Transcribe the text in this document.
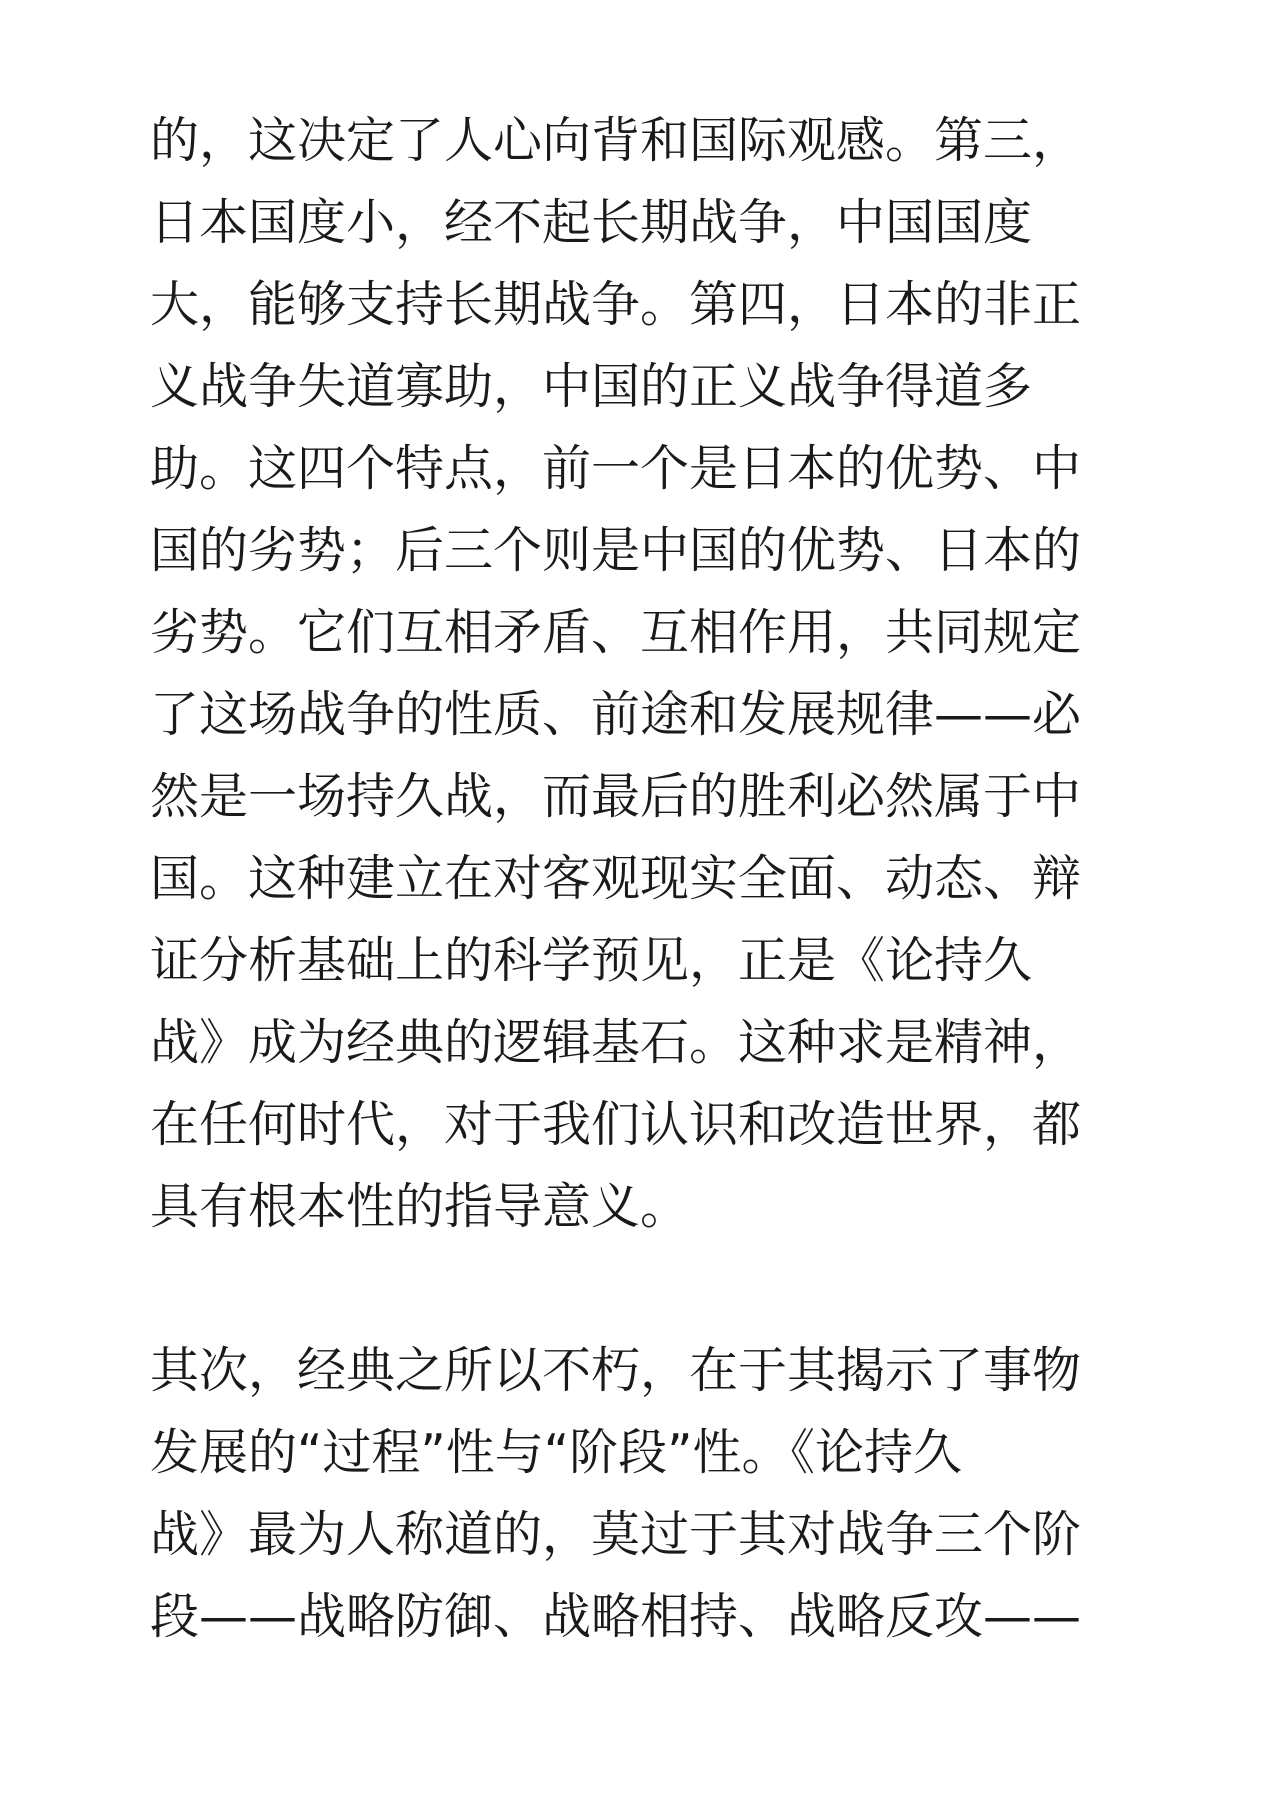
的，这决定了人心向背和国际观感。第三，
日本国度小，经不起长期战争，中国国度
大，能够支持长期战争。第四，日本的非正
义战争失道寡助，中国的正义战争得道多
助。这四个特点，前一个是日本的优势、中
国的劣势；后三个则是中国的优势、日本的
劣势。它们互相矛盾、互相作用，共同规定
了这场战争的性质、前途和发展规律——必
然是一场持久战，而最后的胜利必然属于中
国。这种建立在对客观现实全面、动态、辩
证分析基础上的科学预见，正是《论持久
战》成为经典的逻辑基石。这种求是精神，
在任何时代，对于我们认识和改造世界，都
具有根本性的指导意义。

其次，经典之所以不朽，在于其揭示了事物
发展的“过程”性与“阶段”性。《论持久
战》最为人称道的，莫过于其对战争三个阶
段——战略防御、战略相持、战略反攻——
